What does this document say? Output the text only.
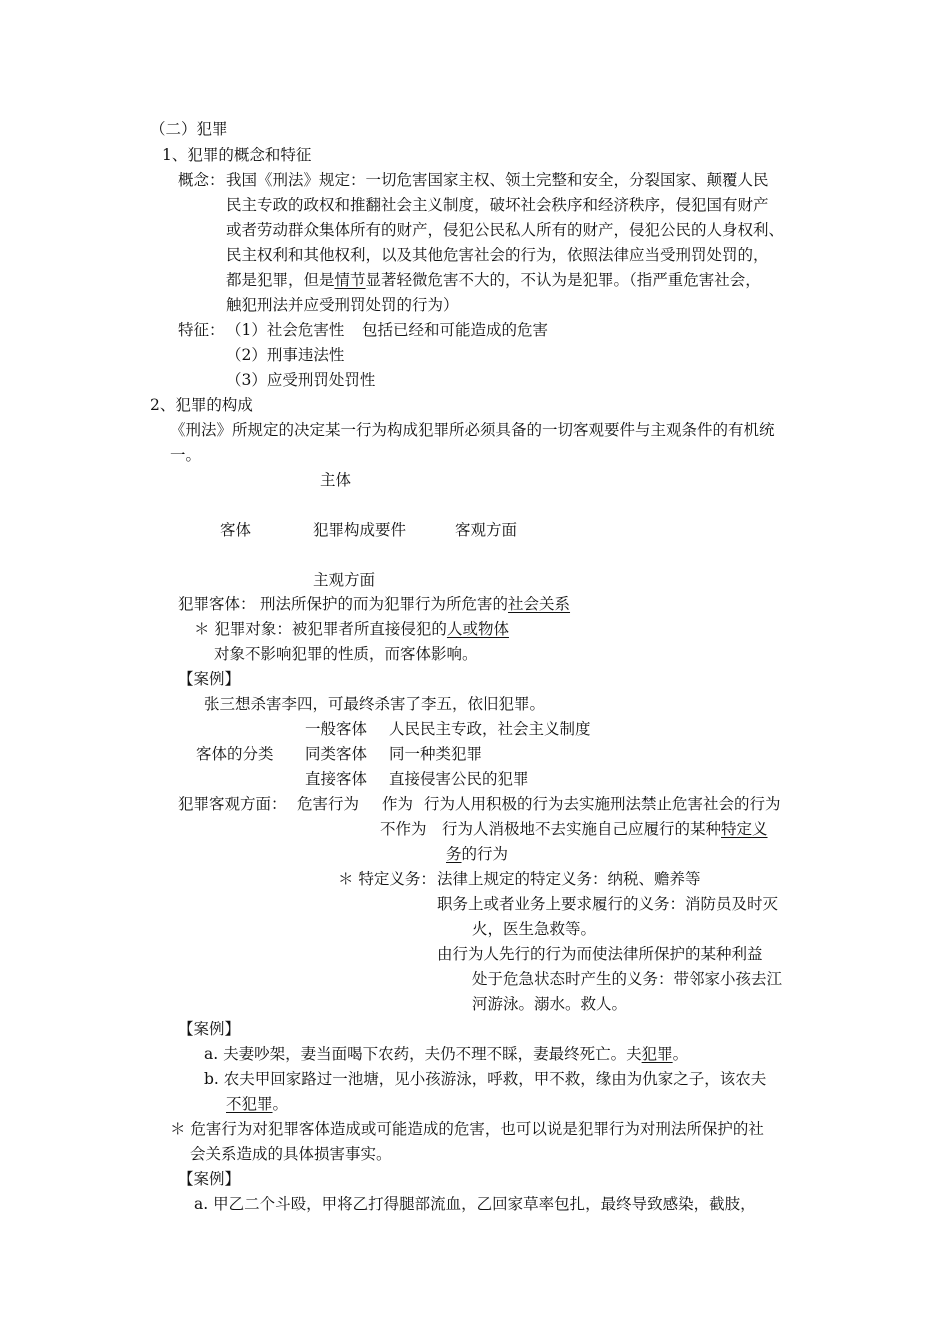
（二）犯罪
1、犯罪的概念和特征
概念： 我国《刑法》规定：一切危害国家主权、领土完整和安全，分裂国家、颠覆人民
民主专政的政权和推翻社会主义制度，破坏社会秩序和经济秩序，侵犯国有财产
或者劳动群众集体所有的财产，侵犯公民私人所有的财产，侵犯公民的人身权利、
民主权利和其他权利，以及其他危害社会的行为，依照法律应当受刑罚处罚的，
都是犯罪，但是情节显著轻微危害不大的，不认为是犯罪。（指严重危害社会，
触犯刑法并应受刑罚处罚的行为）
特征： （1）社会危害性 包括已经和可能造成的危害
（2）刑事违法性
（3）应受刑罚处罚性
2、犯罪的构成
《刑法》所规定的决定某一行为构成犯罪所必须具备的一切客观要件与主观条件的有机统
一。
主体
客体	犯罪构成要件	客观方面
主观方面
犯罪客体： 刑法所保护的而为犯罪行为所危害的社会关系
＊ 犯罪对象：被犯罪者所直接侵犯的人或物体
对象不影响犯罪的性质，而客体影响。
【案例】
张三想杀害李四，可最终杀害了李五，依旧犯罪。
客体的分类
一般客体 人民民主专政，社会主义制度
同类客体 同一种类犯罪
直接客体 直接侵害公民的犯罪
犯罪客观方面： 危害行为 作为 行为人用积极的行为去实施刑法禁止危害社会的行为
不作为 行为人消极地不去实施自己应履行的某种特定义
务的行为
＊ 特定义务： 法律上规定的特定义务：纳税、赡养等
职务上或者业务上要求履行的义务：消防员及时灭
火，医生急救等。
由行为人先行的行为而使法律所保护的某种利益
处于危急状态时产生的义务：带邻家小孩去江
河游泳。溺水。救人。
【案例】
a. 夫妻吵架，妻当面喝下农药，夫仍不理不睬，妻最终死亡。夫犯罪。
b. 农夫甲回家路过一池塘，见小孩游泳，呼救，甲不救，缘由为仇家之子，该农夫
不犯罪。
＊ 危害行为对犯罪客体造成或可能造成的危害，也可以说是犯罪行为对刑法所保护的社
会关系造成的具体损害事实。
【案例】
a. 甲乙二个斗殴，甲将乙打得腿部流血，乙回家草率包扎，最终导致感染，截肢，
